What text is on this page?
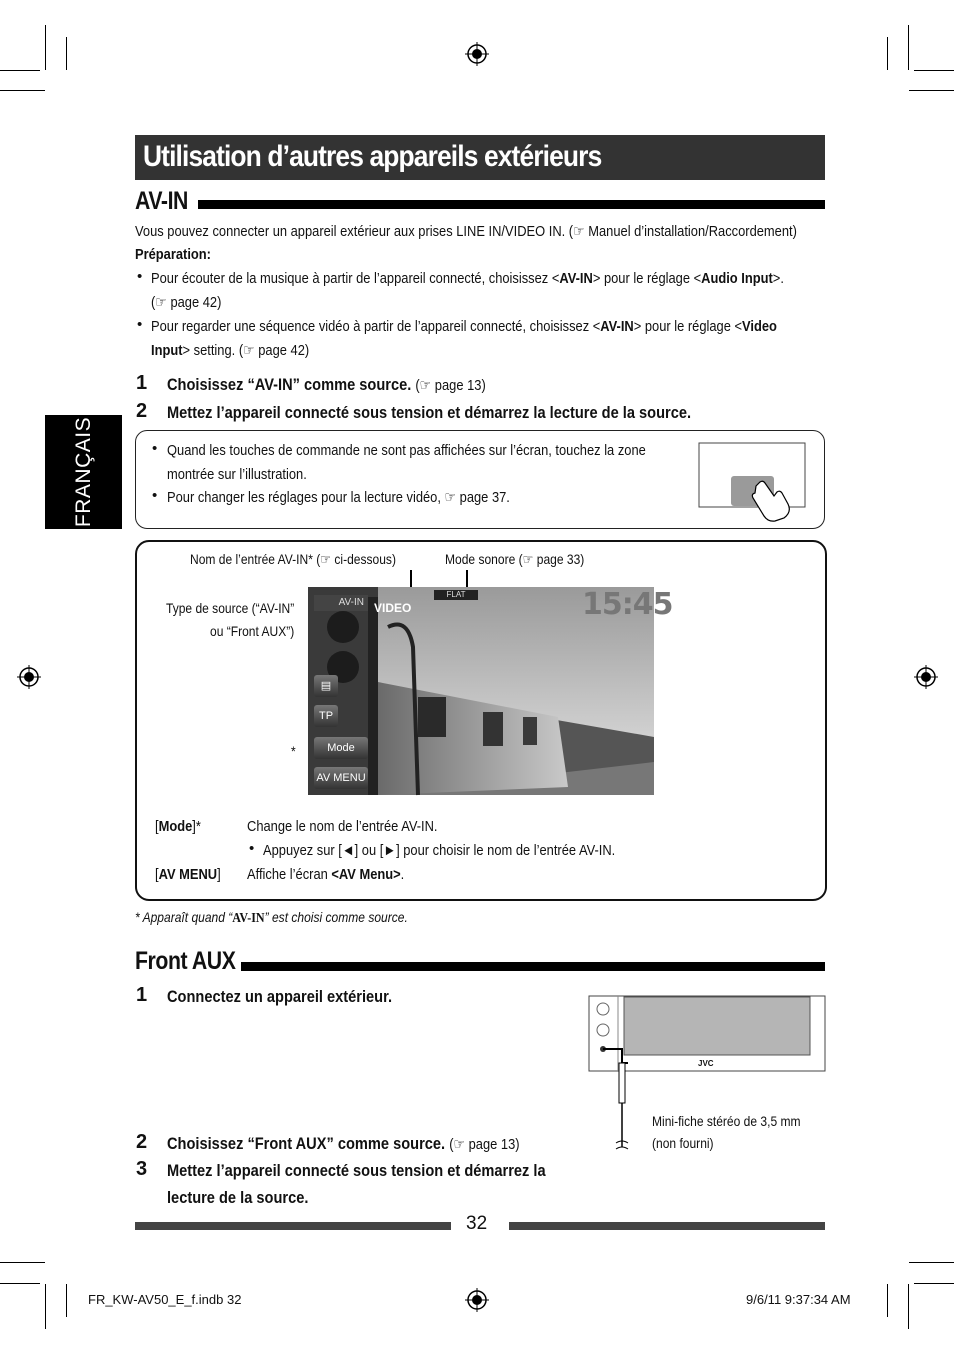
Utilisation d’autres appareils extérieurs
FRANÇAIS
AV-IN
Vous pouvez connecter un appareil extérieur aux prises LINE IN/VIDEO IN. (☞ Manuel d’installation/Raccordement)
Préparation:
• Pour écouter de la musique à partir de l’appareil connecté, choisissez <AV-IN> pour le réglage <Audio Input>.
(☞ page 42)
• Pour regarder une séquence vidéo à partir de l’appareil connecté, choisissez <AV-IN> pour le réglage <Video
Input> setting. (☞ page 42)
1 Choisissez “AV-IN” comme source. (☞ page 13)
2 Mettez l’appareil connecté sous tension et démarrez la lecture de la source.
• Quand les touches de commande ne sont pas affichées sur l’écran, touchez la zone
montrée sur l’illustration.
• Pour changer les réglages pour la lecture vidéo, ☞ page 37.
Nom de l’entrée AV-IN* (☞ ci-dessous)	Mode sonore (☞ page 33)
Type de source (“AV-IN”
ou “Front AUX”)
*
AV-IN VIDEO
FLAT	15:45
▤
TP
Mode
AV MENU
[Mode]*	Change le nom de l’entrée AV-IN.
• Appuyez sur [◄] ou [►] pour choisir le nom de l’entrée AV-IN.
[AV MENU] Affiche l’écran <AV Menu>.
* Apparaît quand “AV-IN” est choisi comme source.
Front AUX
1 Connectez un appareil extérieur.
JVC
Mini-fiche stéréo de 3,5 mm
(non fourni)
2 Choisissez “Front AUX” comme source. (☞ page 13)
3 Mettez l’appareil connecté sous tension et démarrez la
lecture de la source.
32
FR_KW-AV50_E_f.indb 32	9/6/11 9:37:34 AM
